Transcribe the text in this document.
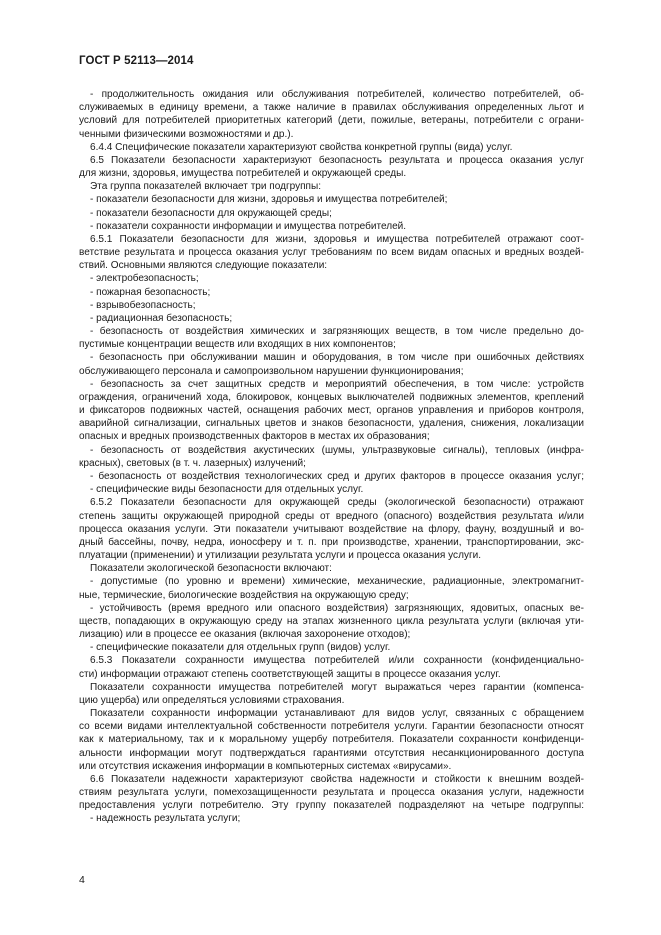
ГОСТ Р 52113—2014
- продолжительность ожидания или обслуживания потребителей, количество потребителей, об-
служиваемых в единицу времени, а также наличие в правилах обслуживания определенных льгот и
условий для потребителей приоритетных категорий (дети, пожилые, ветераны, потребители с ограни-
ченными физическими возможностями и др.).
6.4.4 Специфические показатели характеризуют свойства конкретной группы (вида) услуг.
6.5 Показатели безопасности характеризуют безопасность результата и процесса оказания услуг
для жизни, здоровья, имущества потребителей и окружающей среды.
Эта группа показателей включает три подгруппы:
- показатели безопасности для жизни, здоровья и имущества потребителей;
- показатели безопасности для окружающей среды;
- показатели сохранности информации и имущества потребителей.
6.5.1 Показатели безопасности для жизни, здоровья и имущества потребителей отражают соот-
ветствие результата и процесса оказания услуг требованиям по всем видам опасных и вредных воздей-
ствий. Основными являются следующие показатели:
- электробезопасность;
- пожарная безопасность;
- взрывобезопасность;
- радиационная безопасность;
- безопасность от воздействия химических и загрязняющих веществ, в том числе предельно до-
пустимые концентрации веществ или входящих в них компонентов;
- безопасность при обслуживании машин и оборудования, в том числе при ошибочных действиях
обслуживающего персонала и самопроизвольном нарушении функционирования;
- безопасность за счет защитных средств и мероприятий обеспечения, в том числе: устройств
ограждения, ограничений хода, блокировок, концевых выключателей подвижных элементов, креплений
и фиксаторов подвижных частей, оснащения рабочих мест, органов управления и приборов контроля,
аварийной сигнализации, сигнальных цветов и знаков безопасности, удаления, снижения, локализации
опасных и вредных производственных факторов в местах их образования;
- безопасность от воздействия акустических (шумы, ультразвуковые сигналы), тепловых (инфра-
красных), световых (в т. ч. лазерных) излучений;
- безопасность от воздействия технологических сред и других факторов в процессе оказания услуг;
- специфические виды безопасности для отдельных услуг.
6.5.2 Показатели безопасности для окружающей среды (экологической безопасности) отражают
степень защиты окружающей природной среды от вредного (опасного) воздействия результата и/или
процесса оказания услуги. Эти показатели учитывают воздействие на флору, фауну, воздушный и во-
дный бассейны, почву, недра, ионосферу и т. п. при производстве, хранении, транспортировании, экс-
плуатации (применении) и утилизации результата услуги и процесса оказания услуги.
Показатели экологической безопасности включают:
- допустимые (по уровню и времени) химические, механические, радиационные, электромагнит-
ные, термические, биологические воздействия на окружающую среду;
- устойчивость (время вредного или опасного воздействия) загрязняющих, ядовитых, опасных ве-
ществ, попадающих в окружающую среду на этапах жизненного цикла результата услуги (включая ути-
лизацию) или в процессе ее оказания (включая захоронение отходов);
- специфические показатели для отдельных групп (видов) услуг.
6.5.3 Показатели сохранности имущества потребителей и/или сохранности (конфиденциально-
сти) информации отражают степень соответствующей защиты в процессе оказания услуг.
Показатели сохранности имущества потребителей могут выражаться через гарантии (компенса-
цию ущерба) или определяться условиями страхования.
Показатели сохранности информации устанавливают для видов услуг, связанных с обращением
со всеми видами интеллектуальной собственности потребителя услуги. Гарантии безопасности относят
как к материальному, так и к моральному ущербу потребителя. Показатели сохранности конфиденци-
альности информации могут подтверждаться гарантиями отсутствия несанкционированного доступа
или отсутствия искажения информации в компьютерных системах «вирусами».
6.6 Показатели надежности характеризуют свойства надежности и стойкости к внешним воздей-
ствиям результата услуги, помехозащищенности результата и процесса оказания услуги, надежности
предоставления услуги потребителю. Эту группу показателей подразделяют на четыре подгруппы:
- надежность результата услуги;
4
